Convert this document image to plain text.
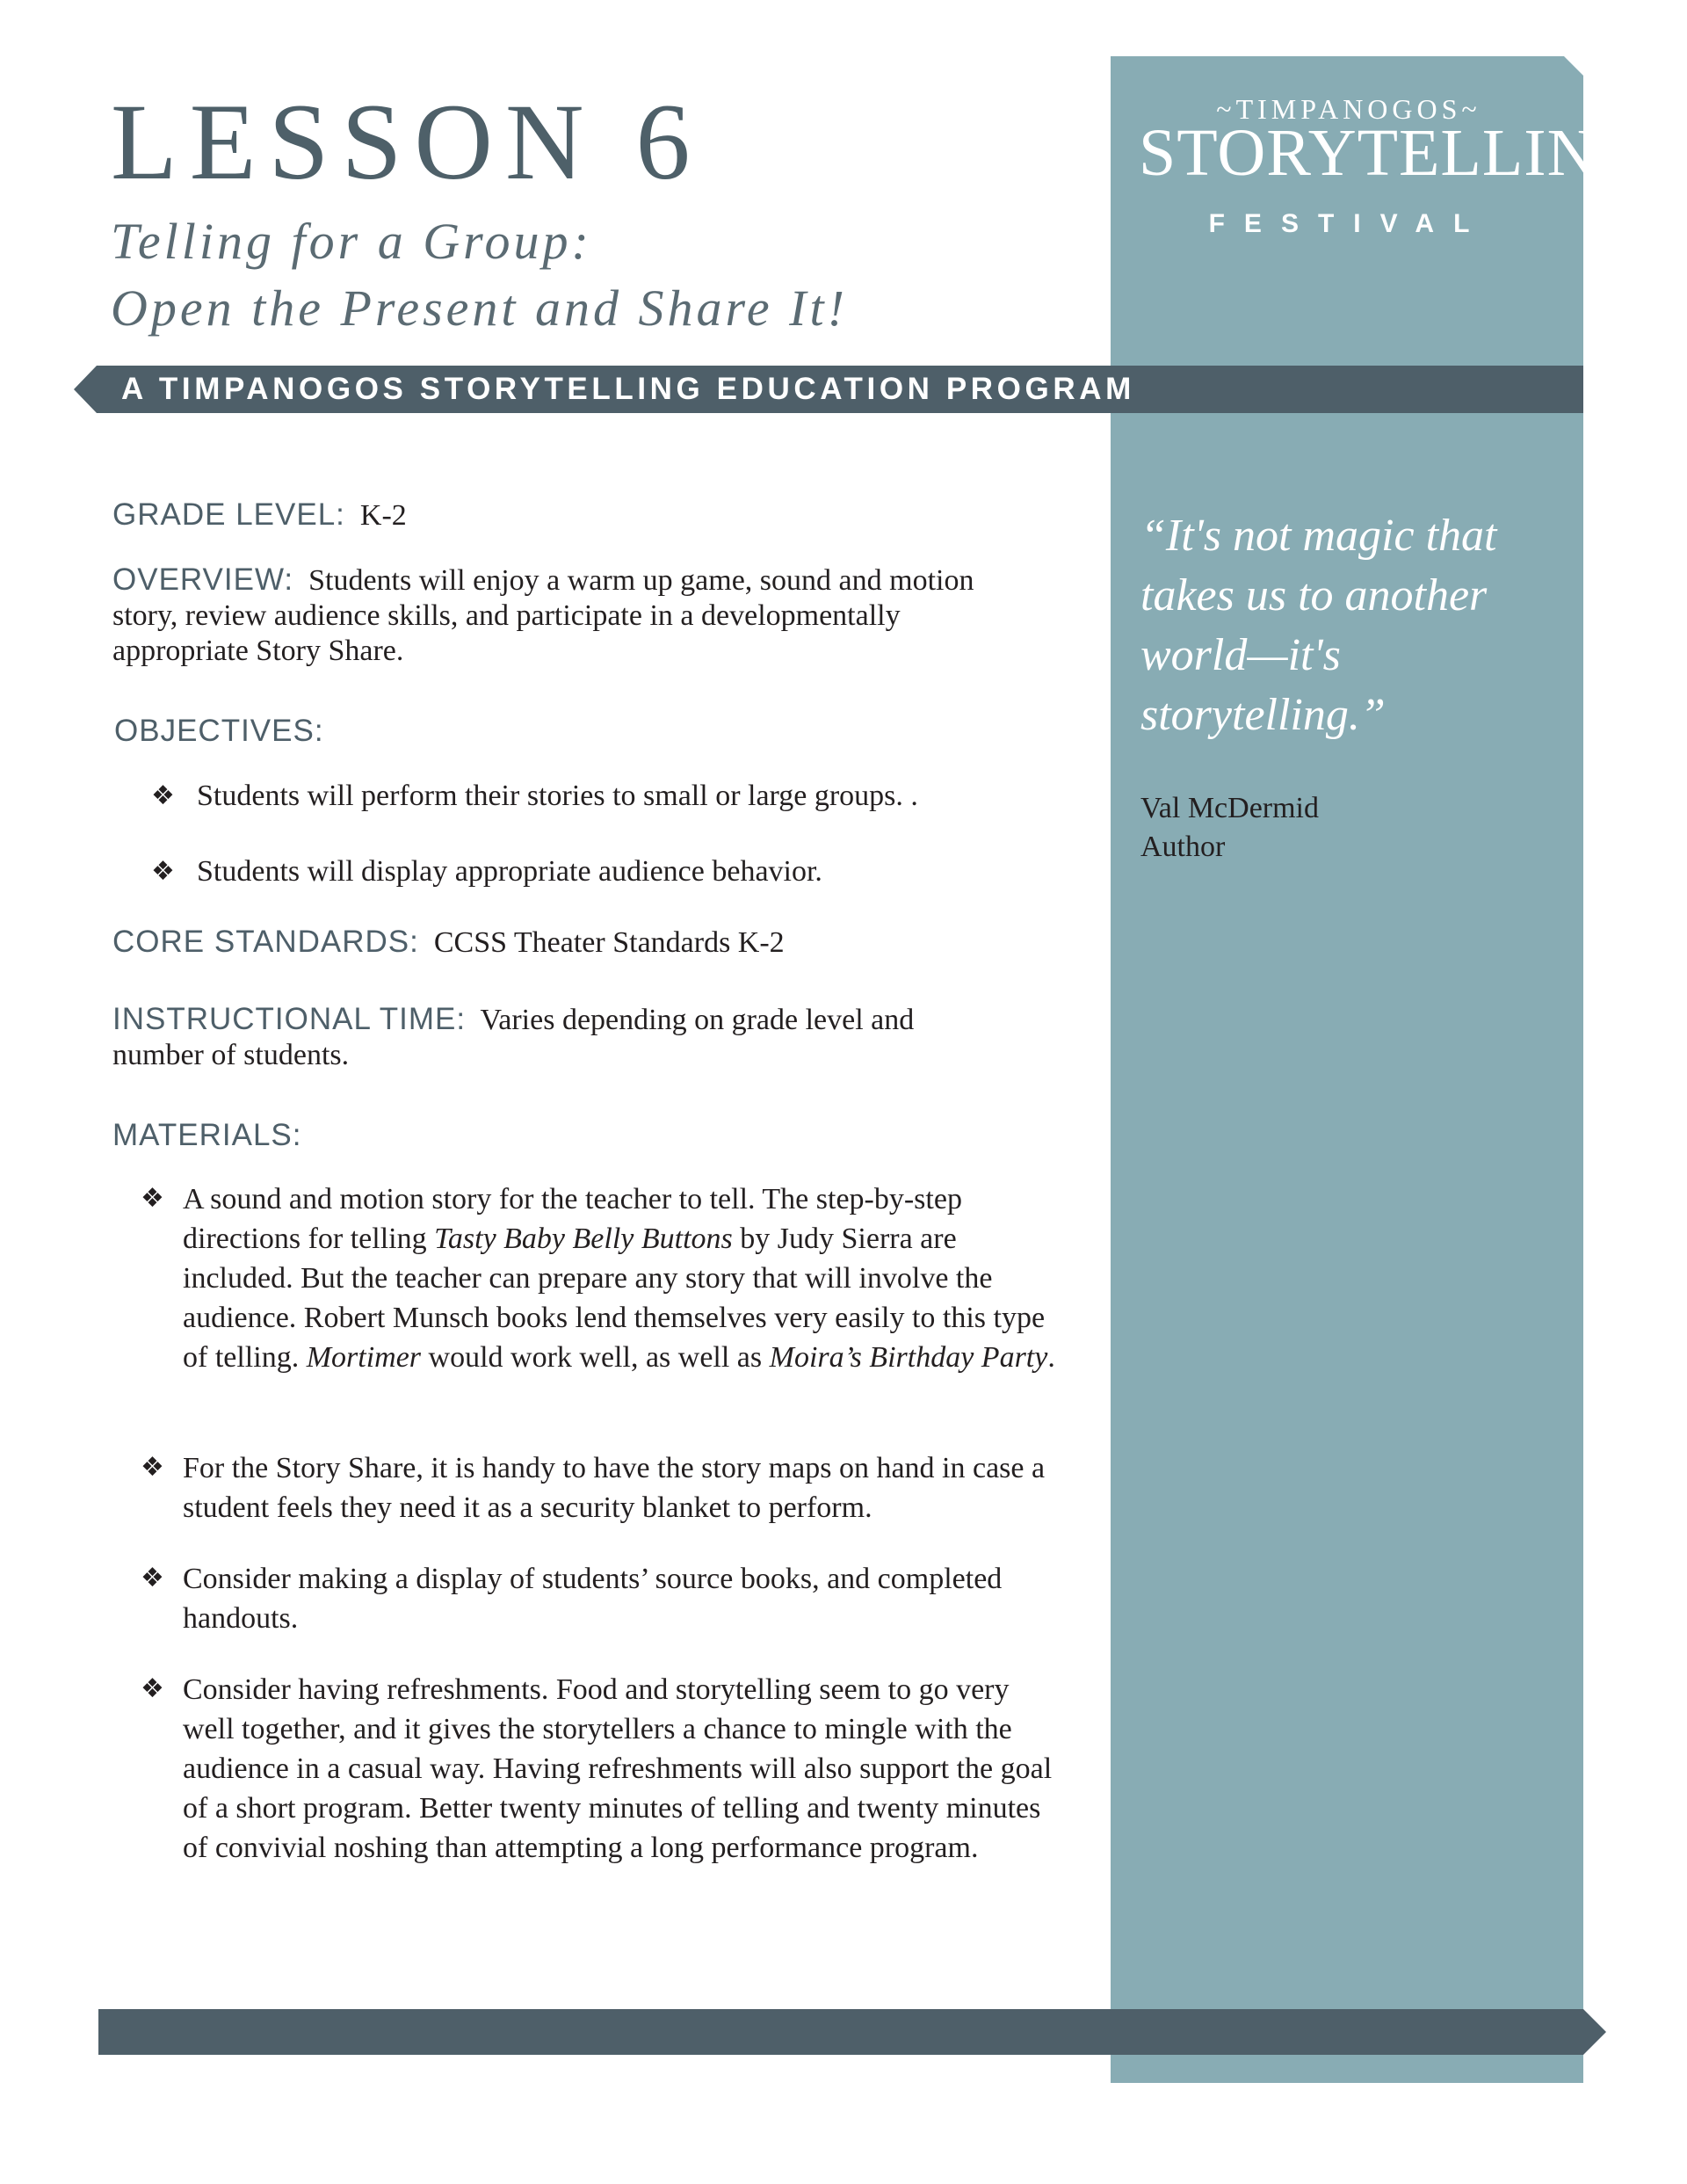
LESSON 6
Telling for a Group:
Open the Present and Share It!
~TIMPANOGOS~
STORYTELLING
FESTIVAL
A TIMPANOGOS STORYTELLING EDUCATION PROGRAM

“It's not magic that takes us to another world—it's storytelling.”

Val McDermid
Author
GRADE LEVEL: K-2
OVERVIEW: Students will enjoy a warm up game, sound and motion story, review audience skills, and participate in a developmentally appropriate Story Share.
OBJECTIVES:
❖ Students will perform their stories to small or large groups. .
❖ Students will display appropriate audience behavior.
CORE STANDARDS: CCSS Theater Standards K-2
INSTRUCTIONAL TIME: Varies depending on grade level and number of students.
MATERIALS:
❖ A sound and motion story for the teacher to tell. The step-by-step directions for telling Tasty Baby Belly Buttons by Judy Sierra are included. But the teacher can prepare any story that will involve the audience. Robert Munsch books lend themselves very easily to this type of telling. Mortimer would work well, as well as Moira’s Birthday Party.
❖ For the Story Share, it is handy to have the story maps on hand in case a student feels they need it as a security blanket to perform.
❖ Consider making a display of students’ source books, and completed handouts.
❖ Consider having refreshments. Food and storytelling seem to go very well together, and it gives the storytellers a chance to mingle with the audience in a casual way. Having refreshments will also support the goal of a short program. Better twenty minutes of telling and twenty minutes of convivial noshing than attempting a long performance program.
